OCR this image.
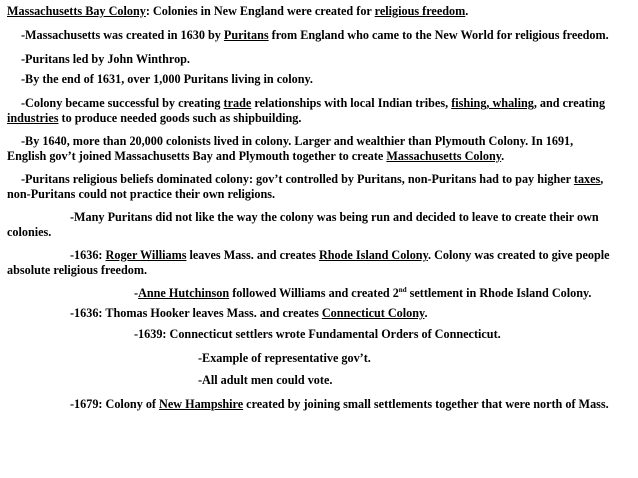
Massachusetts Bay Colony: Colonies in New England were created for religious freedom.
-Massachusetts was created in 1630 by Puritans from England who came to the New World for religious freedom.
-Puritans led by John Winthrop.
-By the end of 1631, over 1,000 Puritans living in colony.
-Colony became successful by creating trade relationships with local Indian tribes, fishing, whaling, and creating
industries to produce needed goods such as shipbuilding.
-By 1640, more than 20,000 colonists lived in colony. Larger and wealthier than Plymouth Colony. In 1691,
English gov’t joined Massachusetts Bay and Plymouth together to create Massachusetts Colony.
-Puritans religious beliefs dominated colony: gov’t controlled by Puritans, non-Puritans had to pay higher taxes,
non-Puritans could not practice their own religions.
-Many Puritans did not like the way the colony was being run and decided to leave to create their own
colonies.
-1636: Roger Williams leaves Mass. and creates Rhode Island Colony. Colony was created to give people
absolute religious freedom.
-Anne Hutchinson followed Williams and created 2nd settlement in Rhode Island Colony.
-1636: Thomas Hooker leaves Mass. and creates Connecticut Colony.
-1639: Connecticut settlers wrote Fundamental Orders of Connecticut.
-Example of representative gov’t.
-All adult men could vote.
-1679: Colony of New Hampshire created by joining small settlements together that were north of Mass.
